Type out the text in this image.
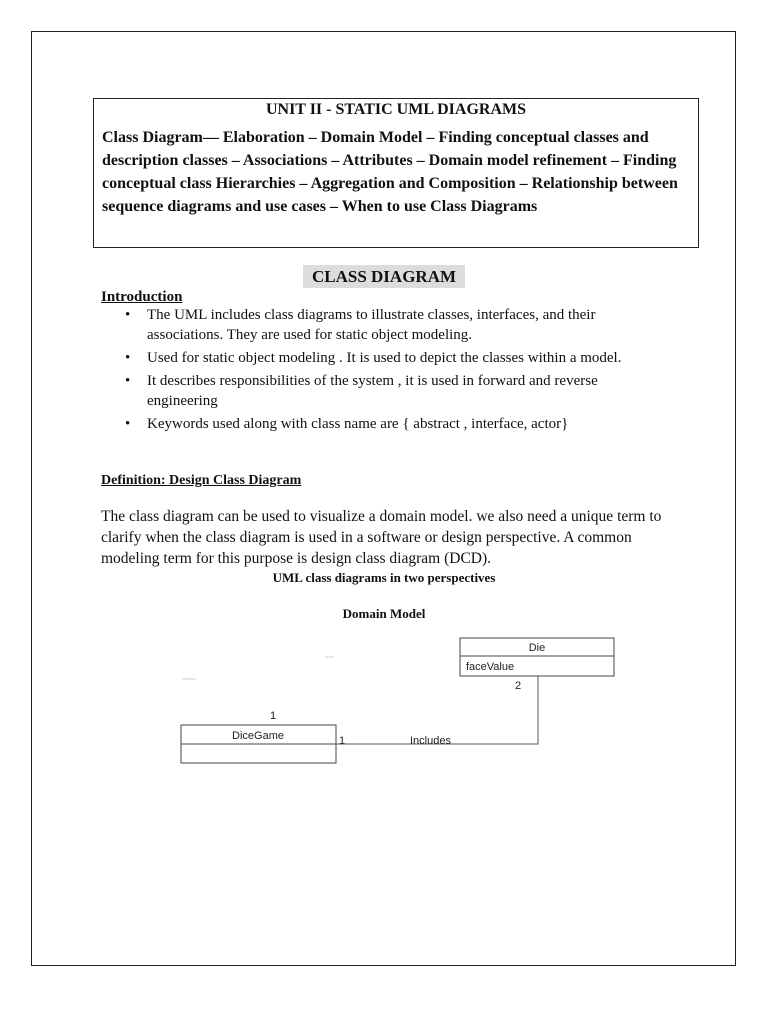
UNIT II - STATIC UML DIAGRAMS
Class Diagram— Elaboration – Domain Model – Finding conceptual classes and description classes – Associations – Attributes – Domain model refinement – Finding conceptual class Hierarchies – Aggregation and Composition – Relationship between sequence diagrams and use cases – When to use Class Diagrams
CLASS DIAGRAM
Introduction
• The UML includes class diagrams to illustrate classes, interfaces, and their associations. They are used for static object modeling.
• Used for static object modeling . It is used to depict the classes within a model.
• It describes responsibilities of the system , it is used in forward and reverse engineering
• Keywords used along with class name are { abstract , interface, actor}
Definition: Design Class Diagram
The class diagram can be used to visualize a domain model. we also need a unique term to clarify when the class diagram is used in a software or design perspective. A common modeling term for this purpose is design class diagram (DCD).
UML class diagrams in two perspectives
Domain Model
Die
faceValue
DiceGame	Includes
2
1
1
